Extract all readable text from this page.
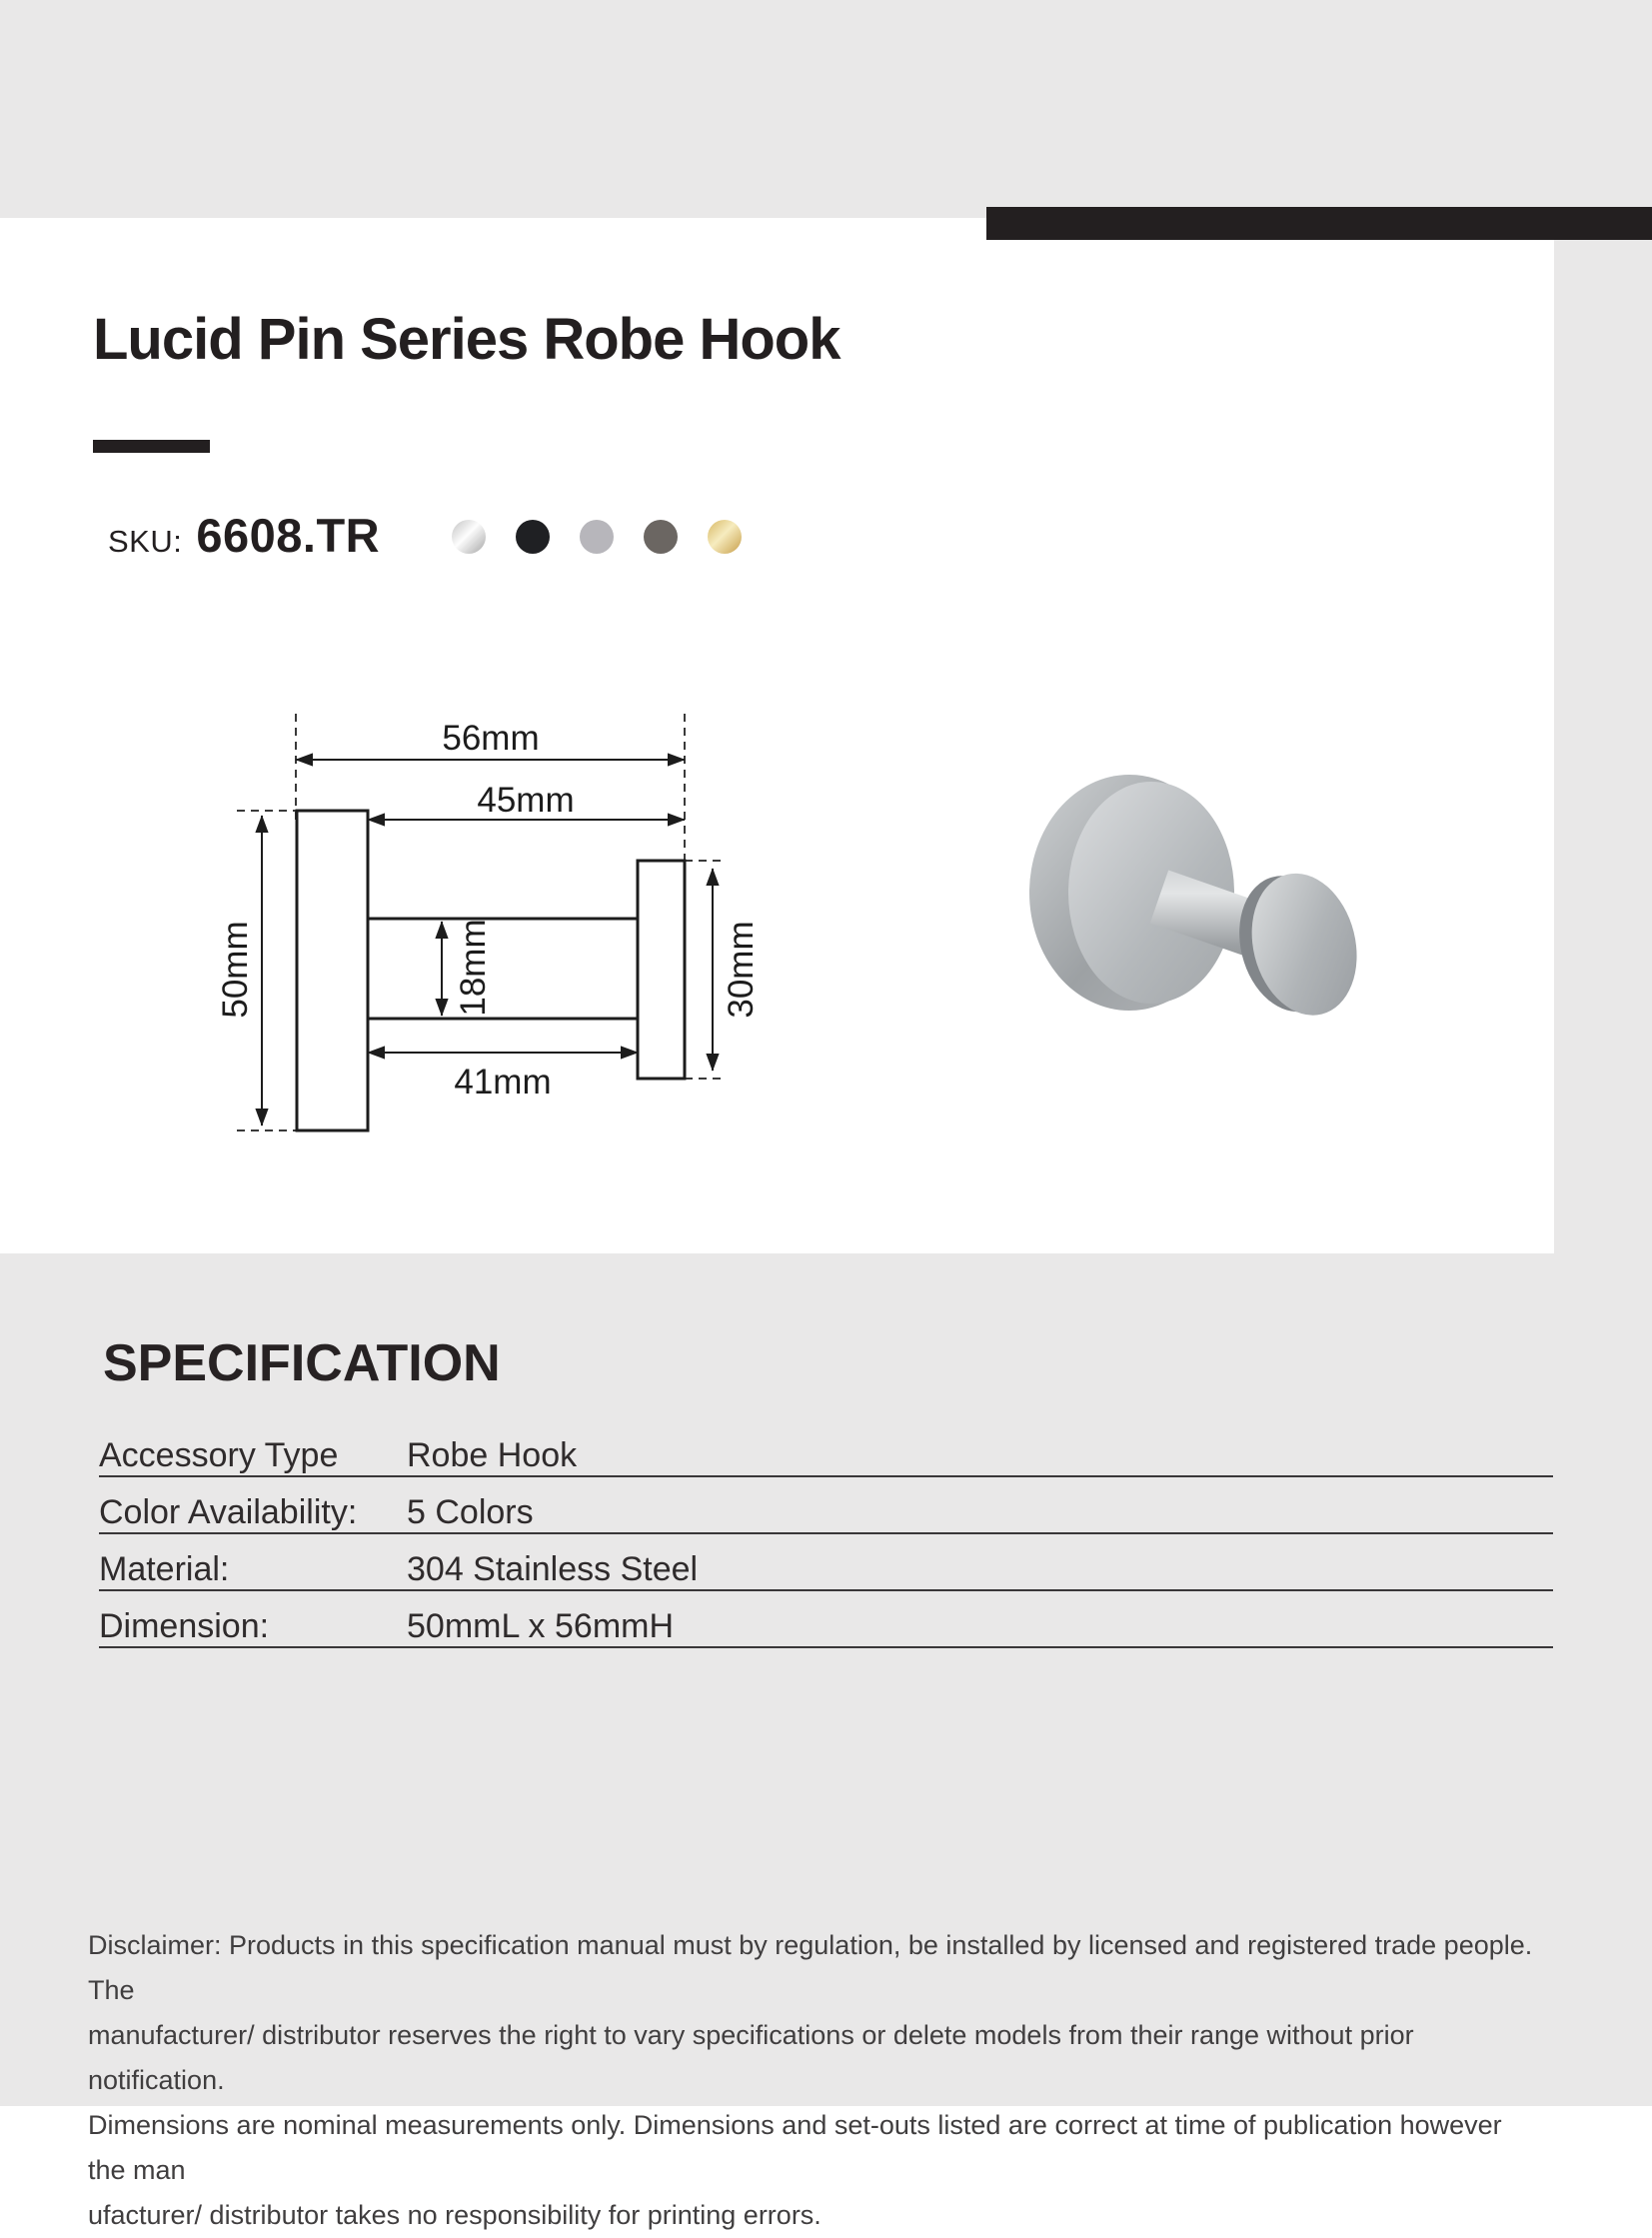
Lucid Pin Series Robe Hook
SKU: 6608.TR
56mm
45mm
50mm	18mm	30mm
41mm
SPECIFICATION
Accessory Type	Robe Hook
Color Availability:	5 Colors
Material:	304 Stainless Steel
Dimension:	50mmL x 56mmH
Disclaimer: Products in this specification manual must by regulation, be installed by licensed and registered trade people. The
manufacturer/ distributor reserves the right to vary specifications or delete models from their range without prior notification.
Dimensions are nominal measurements only. Dimensions and set-outs listed are correct at time of publication however the man
ufacturer/ distributor takes no responsibility for printing errors.
